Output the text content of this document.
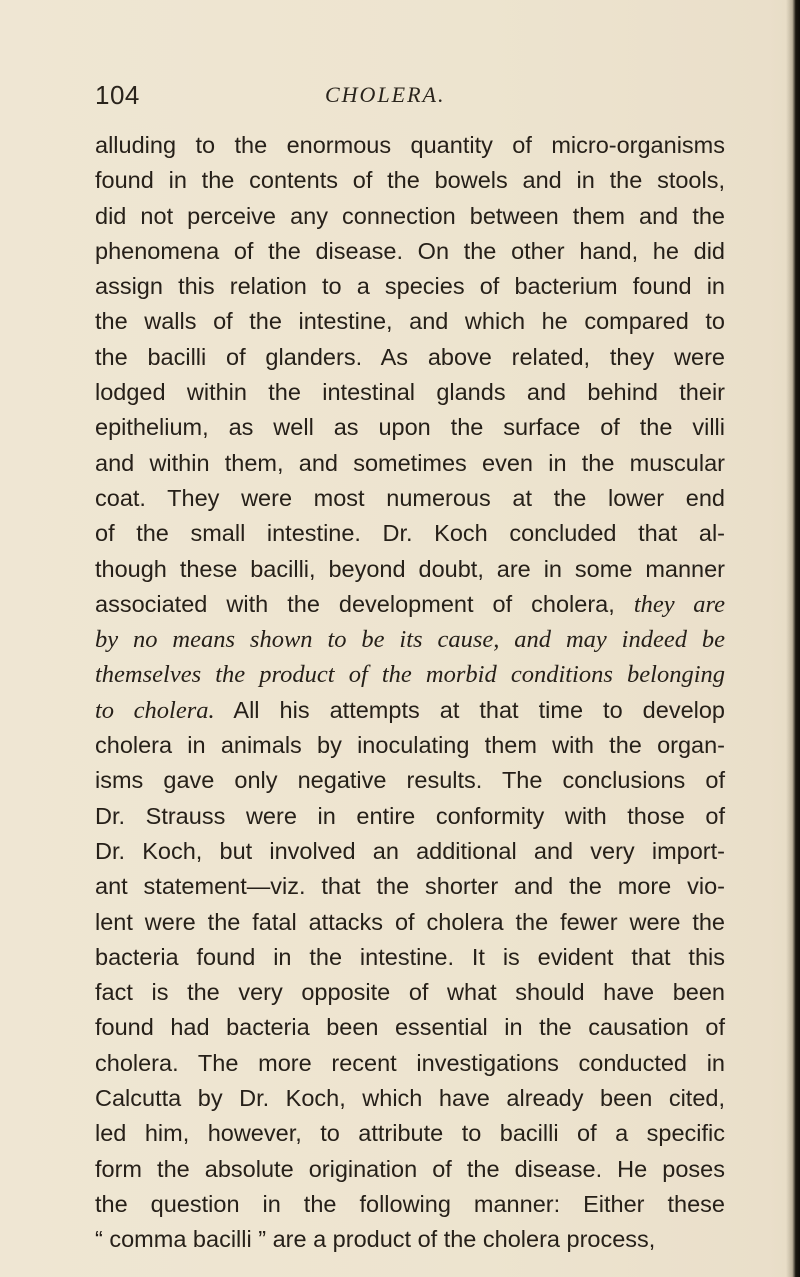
104	CHOLERA.
alluding to the enormous quantity of micro-organisms
found in the contents of the bowels and in the stools,
did not perceive any connection between them and the
phenomena of the disease. On the other hand, he did
assign this relation to a species of bacterium found in
the walls of the intestine, and which he compared to
the bacilli of glanders. As above related, they were
lodged within the intestinal glands and behind their
epithelium, as well as upon the surface of the villi
and within them, and sometimes even in the muscular
coat. They were most numerous at the lower end
of the small intestine. Dr. Koch concluded that al-
though these bacilli, beyond doubt, are in some manner
associated with the development of cholera, they are
by no means shown to be its cause, and may indeed be
themselves the product of the morbid conditions belonging
to cholera. All his attempts at that time to develop
cholera in animals by inoculating them with the organ-
isms gave only negative results. The conclusions of
Dr. Strauss were in entire conformity with those of
Dr. Koch, but involved an additional and very import-
ant statement—viz. that the shorter and the more vio-
lent were the fatal attacks of cholera the fewer were the
bacteria found in the intestine. It is evident that this
fact is the very opposite of what should have been
found had bacteria been essential in the causation of
cholera. The more recent investigations conducted in
Calcutta by Dr. Koch, which have already been cited,
led him, however, to attribute to bacilli of a specific
form the absolute origination of the disease. He poses
the question in the following manner: Either these
“ comma bacilli ” are a product of the cholera process,
